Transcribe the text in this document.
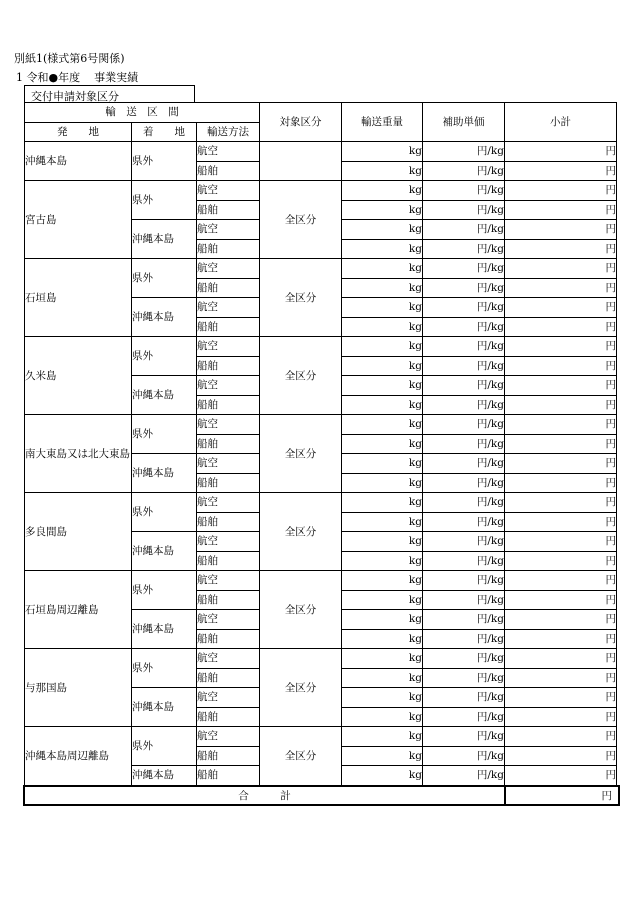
別紙1(様式第6号関係)
1 令和●年度 事業実績
交付申請対象区分
輸　送　区　間			対象区分	輸送重量	補助単価	小計
発　　地	着　　地	輸送方法				
沖縄本島	県外	航空		kg	円/kg	円
		船舶		kg	円/kg	円
宮古島	県外	航空	全区分	kg	円/kg	円
		船舶		kg	円/kg	円
	沖縄本島	航空		kg	円/kg	円
		船舶		kg	円/kg	円
石垣島	県外	航空	全区分	kg	円/kg	円
		船舶		kg	円/kg	円
	沖縄本島	航空		kg	円/kg	円
		船舶		kg	円/kg	円
久米島	県外	航空	全区分	kg	円/kg	円
		船舶		kg	円/kg	円
	沖縄本島	航空		kg	円/kg	円
		船舶		kg	円/kg	円
南大東島又は北大東島	県外	航空	全区分	kg	円/kg	円
		船舶		kg	円/kg	円
	沖縄本島	航空		kg	円/kg	円
		船舶		kg	円/kg	円
多良間島	県外	航空	全区分	kg	円/kg	円
		船舶		kg	円/kg	円
	沖縄本島	航空		kg	円/kg	円
		船舶		kg	円/kg	円
石垣島周辺離島	県外	航空	全区分	kg	円/kg	円
		船舶		kg	円/kg	円
	沖縄本島	航空		kg	円/kg	円
		船舶		kg	円/kg	円
与那国島	県外	航空	全区分	kg	円/kg	円
		船舶		kg	円/kg	円
	沖縄本島	航空		kg	円/kg	円
		船舶		kg	円/kg	円
沖縄本島周辺離島	県外	航空	全区分	kg	円/kg	円
		船舶		kg	円/kg	円
	沖縄本島	船舶		kg	円/kg	円
合　　　計	円
